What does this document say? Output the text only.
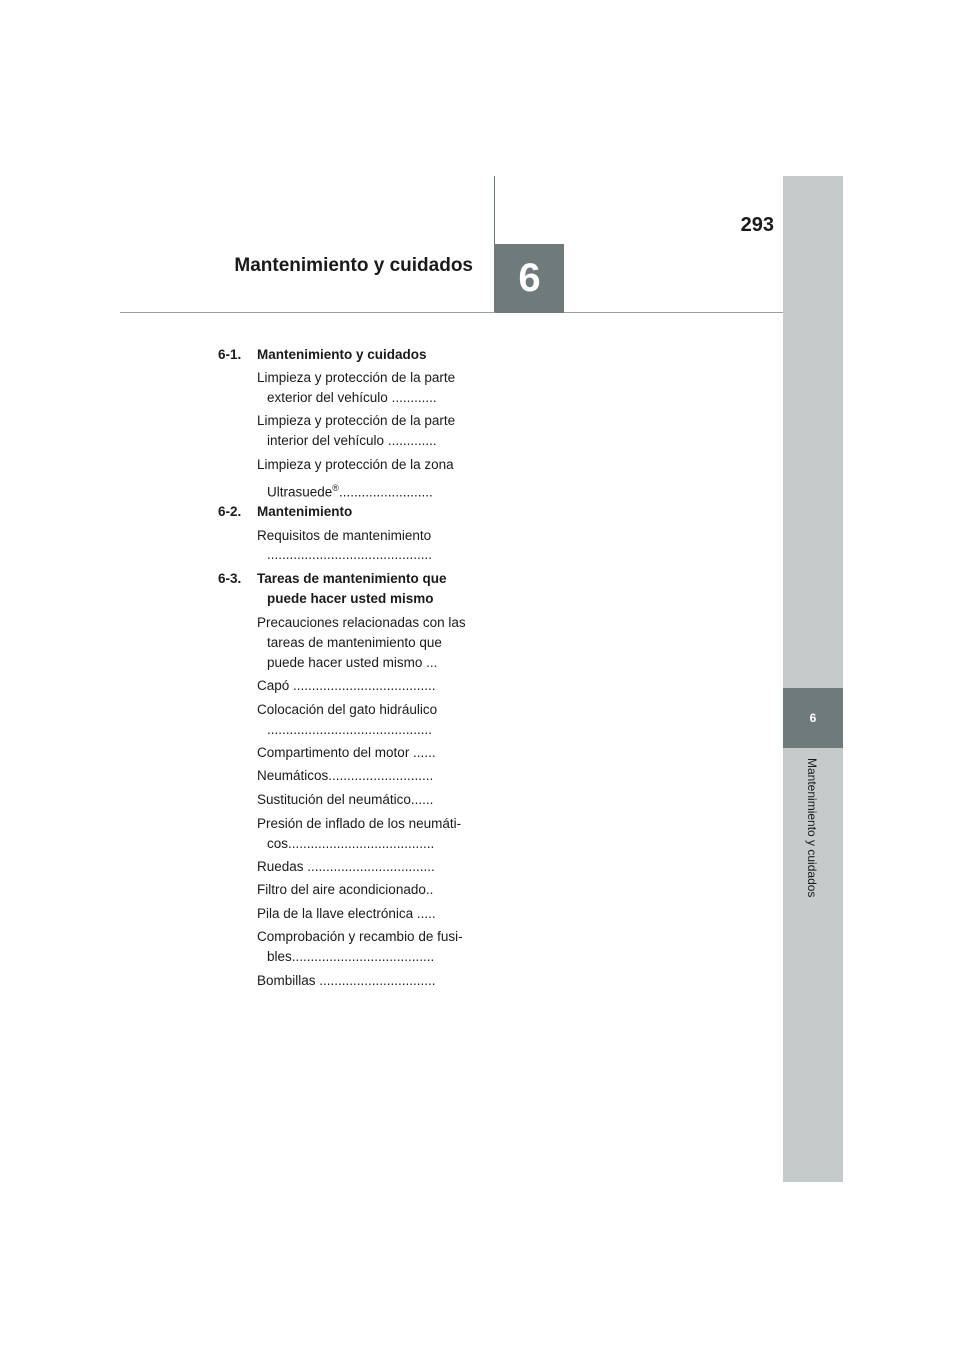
6
293
Mantenimiento y cuidados
6
Mantenimiento y cuidados
6-1. Mantenimiento y cuidados
Limpieza y protección de la parte
exterior del vehículo ............
Limpieza y protección de la parte
interior del vehículo .............
Limpieza y protección de la zona
Ultrasuede®.........................
6-2. Mantenimiento
Requisitos de mantenimiento
............................................
6-3. Tareas de mantenimiento que
puede hacer usted mismo
Precauciones relacionadas con las
tareas de mantenimiento que
puede hacer usted mismo ...
Capó ......................................
Colocación del gato hidráulico
............................................
Compartimento del motor ......
Neumáticos............................
Sustitución del neumático......
Presión de inflado de los neumáti-
cos.......................................
Ruedas ..................................
Filtro del aire acondicionado..
Pila de la llave electrónica .....
Comprobación y recambio de fusi-
bles......................................
Bombillas ...............................
